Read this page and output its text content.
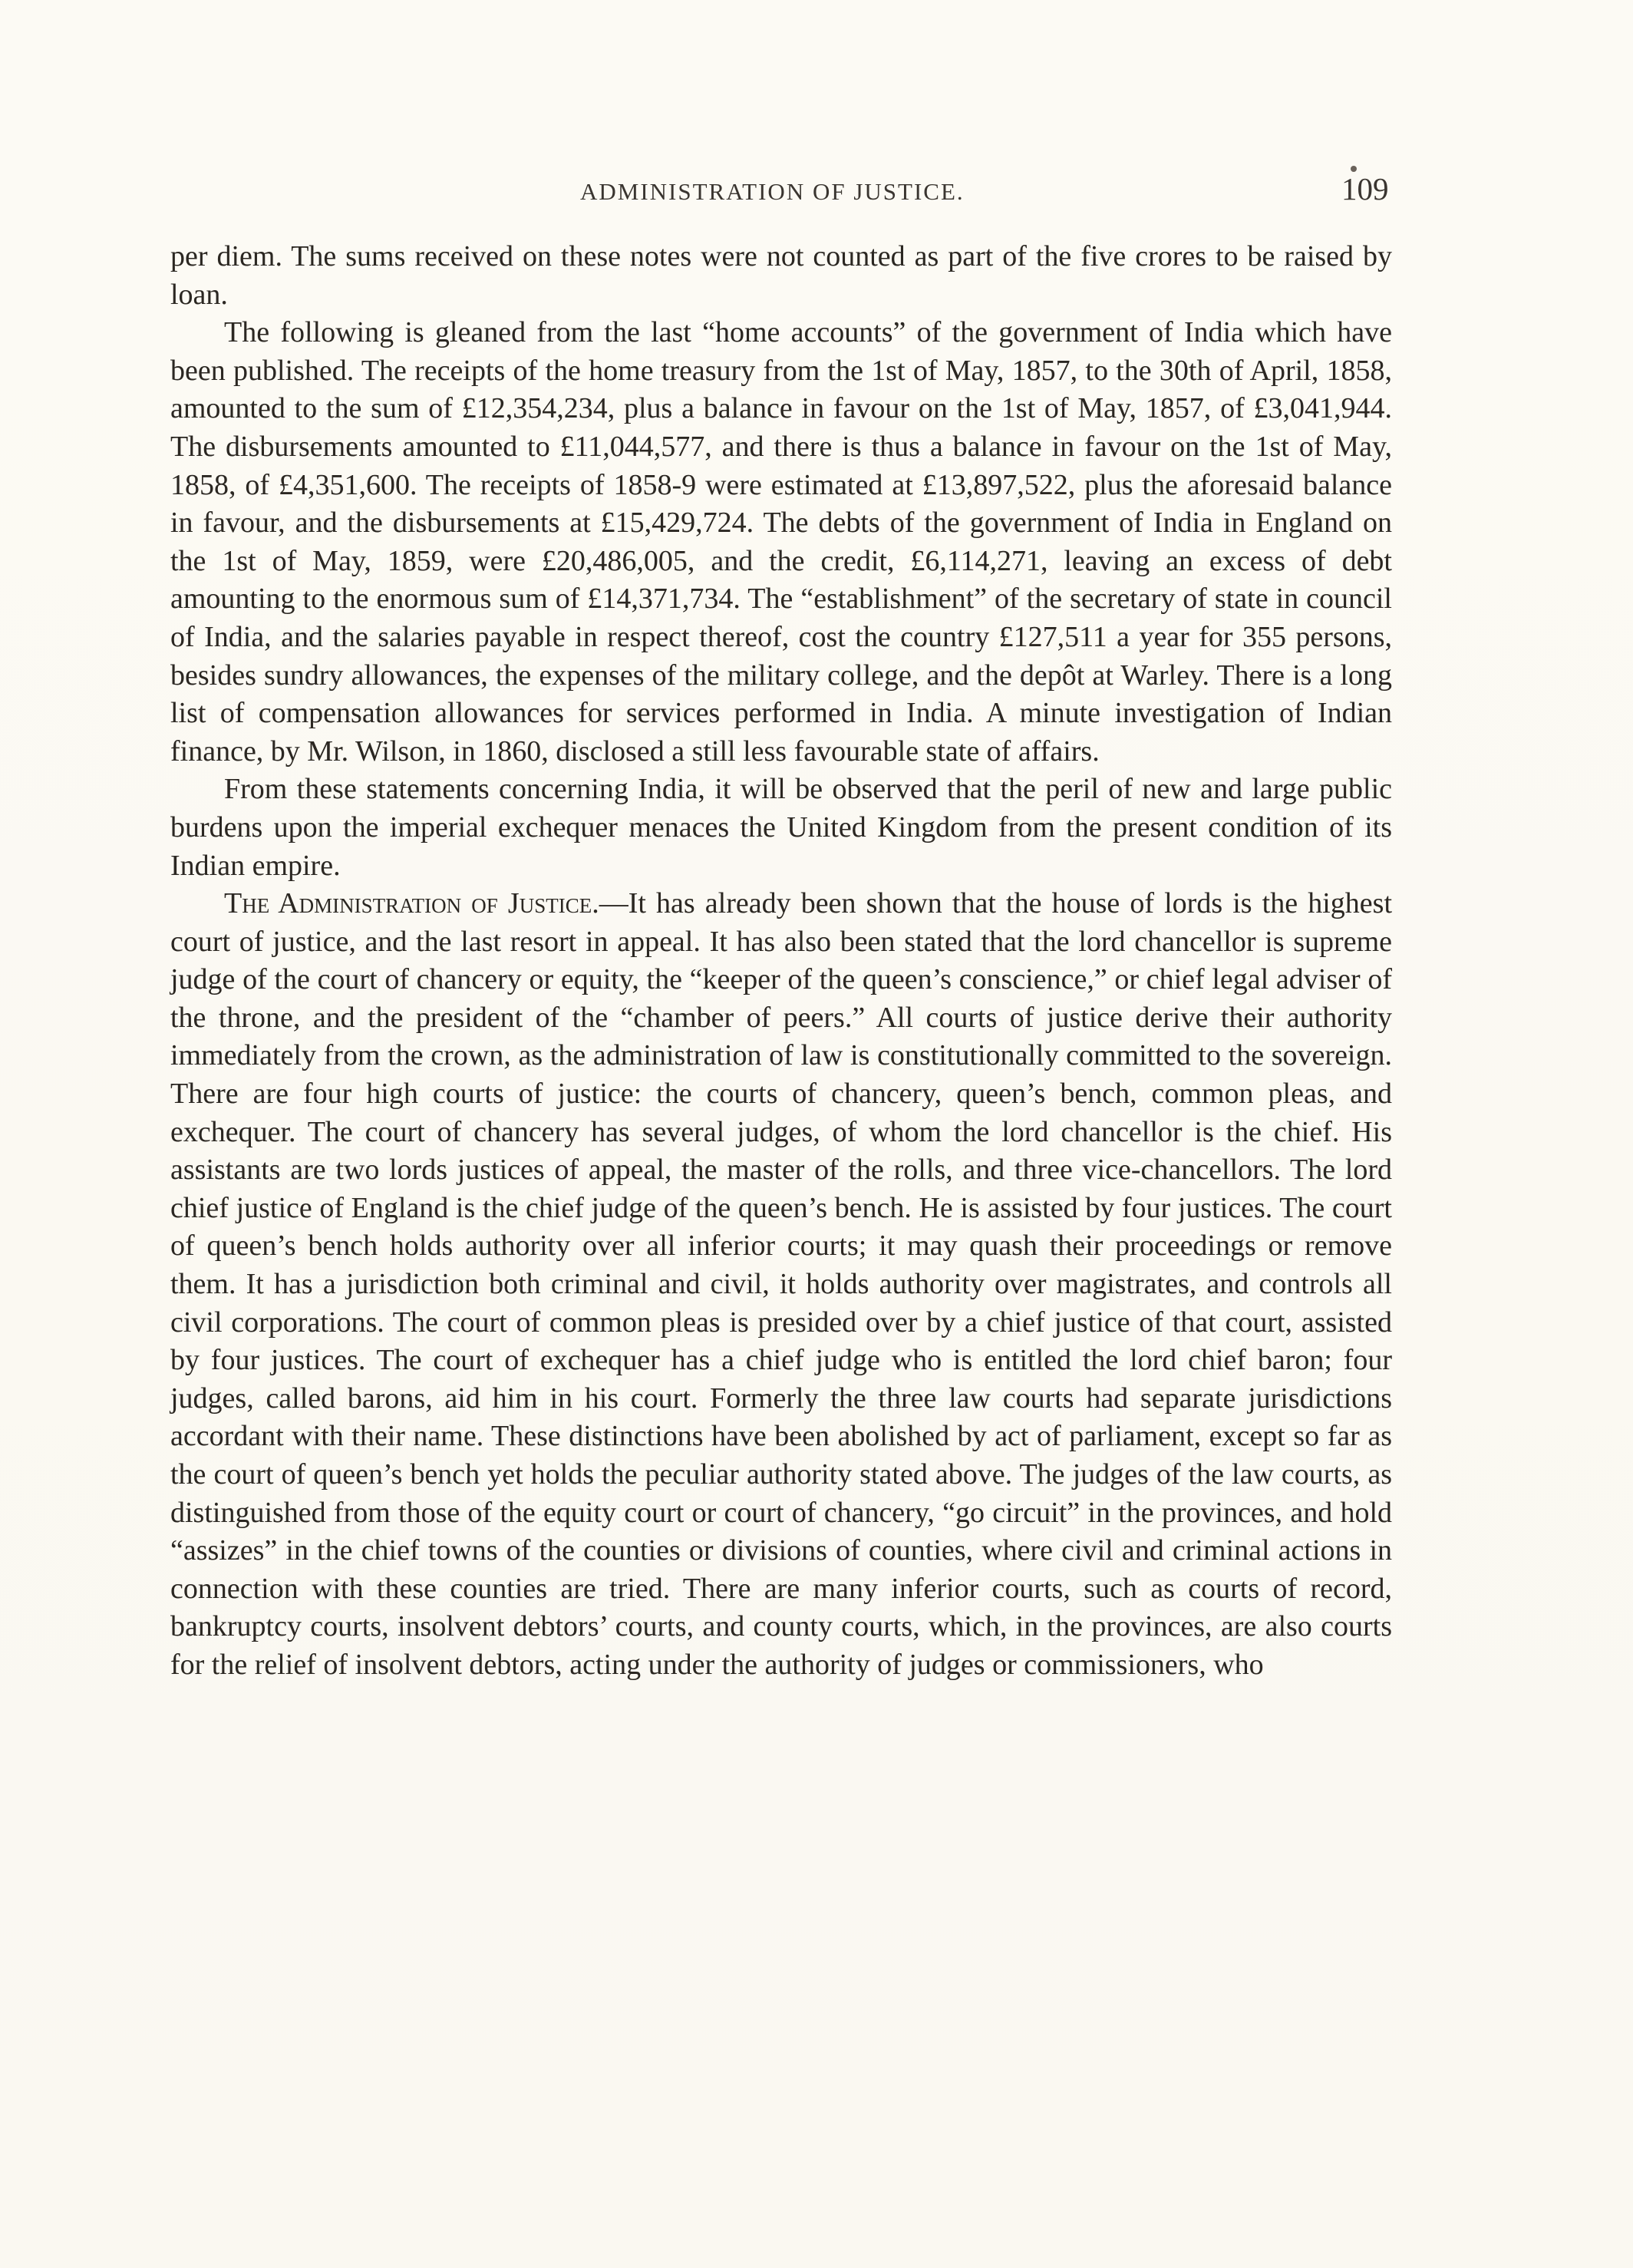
ADMINISTRATION OF JUSTICE.	109

per diem. The sums received on these notes were not counted as part of the five crores to be raised by loan.

The following is gleaned from the last “home accounts” of the government of India which have been published. The receipts of the home treasury from the 1st of May, 1857, to the 30th of April, 1858, amounted to the sum of £12,354,234, plus a balance in favour on the 1st of May, 1857, of £3,041,944. The disbursements amounted to £11,044,577, and there is thus a balance in favour on the 1st of May, 1858, of £4,351,600. The receipts of 1858-9 were estimated at £13,897,522, plus the aforesaid balance in favour, and the disbursements at £15,429,724. The debts of the government of India in England on the 1st of May, 1859, were £20,486,005, and the credit, £6,114,271, leaving an excess of debt amounting to the enormous sum of £14,371,734. The “establishment” of the secretary of state in council of India, and the salaries payable in respect thereof, cost the country £127,511 a year for 355 persons, besides sundry allowances, the expenses of the military college, and the depôt at Warley. There is a long list of compensation allowances for services performed in India. A minute investigation of Indian finance, by Mr. Wilson, in 1860, disclosed a still less favourable state of affairs.

From these statements concerning India, it will be observed that the peril of new and large public burdens upon the imperial exchequer menaces the United Kingdom from the present condition of its Indian empire.

The Administration of Justice.—It has already been shown that the house of lords is the highest court of justice, and the last resort in appeal. It has also been stated that the lord chancellor is supreme judge of the court of chancery or equity, the “keeper of the queen’s conscience,” or chief legal adviser of the throne, and the president of the “chamber of peers.” All courts of justice derive their authority immediately from the crown, as the administration of law is constitutionally committed to the sovereign. There are four high courts of justice: the courts of chancery, queen’s bench, common pleas, and exchequer. The court of chancery has several judges, of whom the lord chancellor is the chief. His assistants are two lords justices of appeal, the master of the rolls, and three vice-chancellors. The lord chief justice of England is the chief judge of the queen’s bench. He is assisted by four justices. The court of queen’s bench holds authority over all inferior courts; it may quash their proceedings or remove them. It has a jurisdiction both criminal and civil, it holds authority over magistrates, and controls all civil corporations. The court of common pleas is presided over by a chief justice of that court, assisted by four justices. The court of exchequer has a chief judge who is entitled the lord chief baron; four judges, called barons, aid him in his court. Formerly the three law courts had separate jurisdictions accordant with their name. These distinctions have been abolished by act of parliament, except so far as the court of queen’s bench yet holds the peculiar authority stated above. The judges of the law courts, as distinguished from those of the equity court or court of chancery, “go circuit” in the provinces, and hold “assizes” in the chief towns of the counties or divisions of counties, where civil and criminal actions in connection with these counties are tried. There are many inferior courts, such as courts of record, bankruptcy courts, insolvent debtors’ courts, and county courts, which, in the provinces, are also courts for the relief of insolvent debtors, acting under the authority of judges or commissioners, who
